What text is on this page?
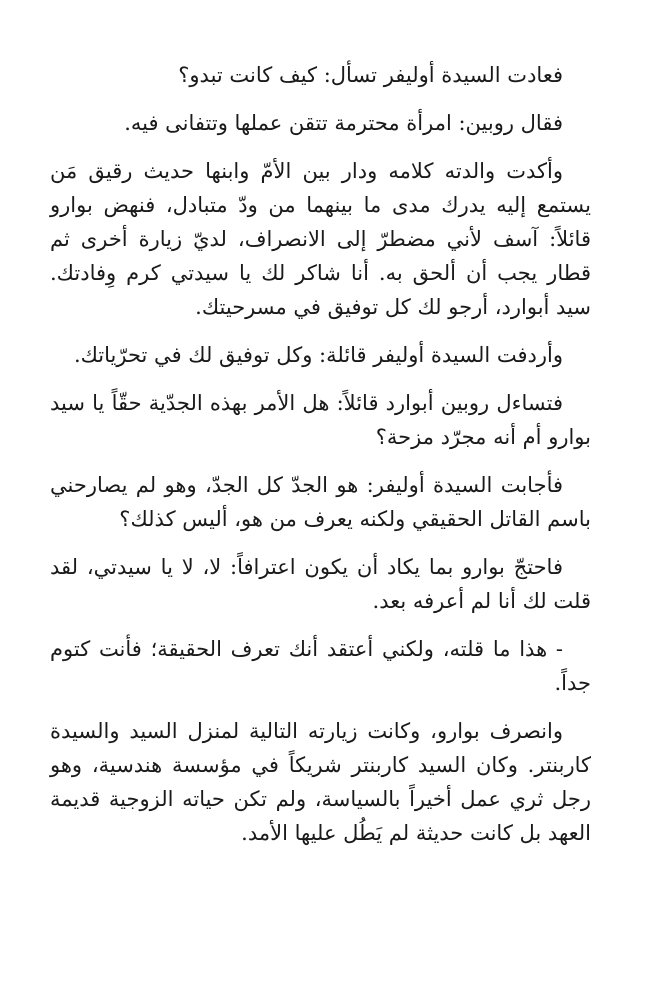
فعادت السيدة أوليفر تسأل: كيف كانت تبدو؟

فقال روبين: امرأة محترمة تتقن عملها وتتفانى فيه.

وأكدت والدته كلامه ودار بين الأمّ وابنها حديث رقيق مَن يستمع إليه يدرك مدى ما بينهما من ودّ متبادل، فنهض بوارو قائلاً: آسف لأني مضطرّ إلى الانصراف، لديّ زيارة أخرى ثم قطار يجب أن ألحق به. أنا شاكر لك يا سيدتي كرم وِفادتك. سيد أبوارد، أرجو لك كل توفيق في مسرحيتك.

وأردفت السيدة أوليفر قائلة: وكل توفيق لك في تحرّياتك.

فتساءل روبين أبوارد قائلاً: هل الأمر بهذه الجدّية حقّاً يا سيد بوارو أم أنه مجرّد مزحة؟

فأجابت السيدة أوليفر: هو الجدّ كل الجدّ، وهو لم يصارحني باسم القاتل الحقيقي ولكنه يعرف من هو، أليس كذلك؟

فاحتجّ بوارو بما يكاد أن يكون اعترافاً: لا، لا يا سيدتي، لقد قلت لك أنا لم أعرفه بعد.

- هذا ما قلته، ولكني أعتقد أنك تعرف الحقيقة؛ فأنت كتوم جداً.

وانصرف بوارو، وكانت زيارته التالية لمنزل السيد والسيدة كاربنتر. وكان السيد كاربنتر شريكاً في مؤسسة هندسية، وهو رجل ثري عمل أخيراً بالسياسة، ولم تكن حياته الزوجية قديمة العهد بل كانت حديثة لم يَطُل عليها الأمد.
